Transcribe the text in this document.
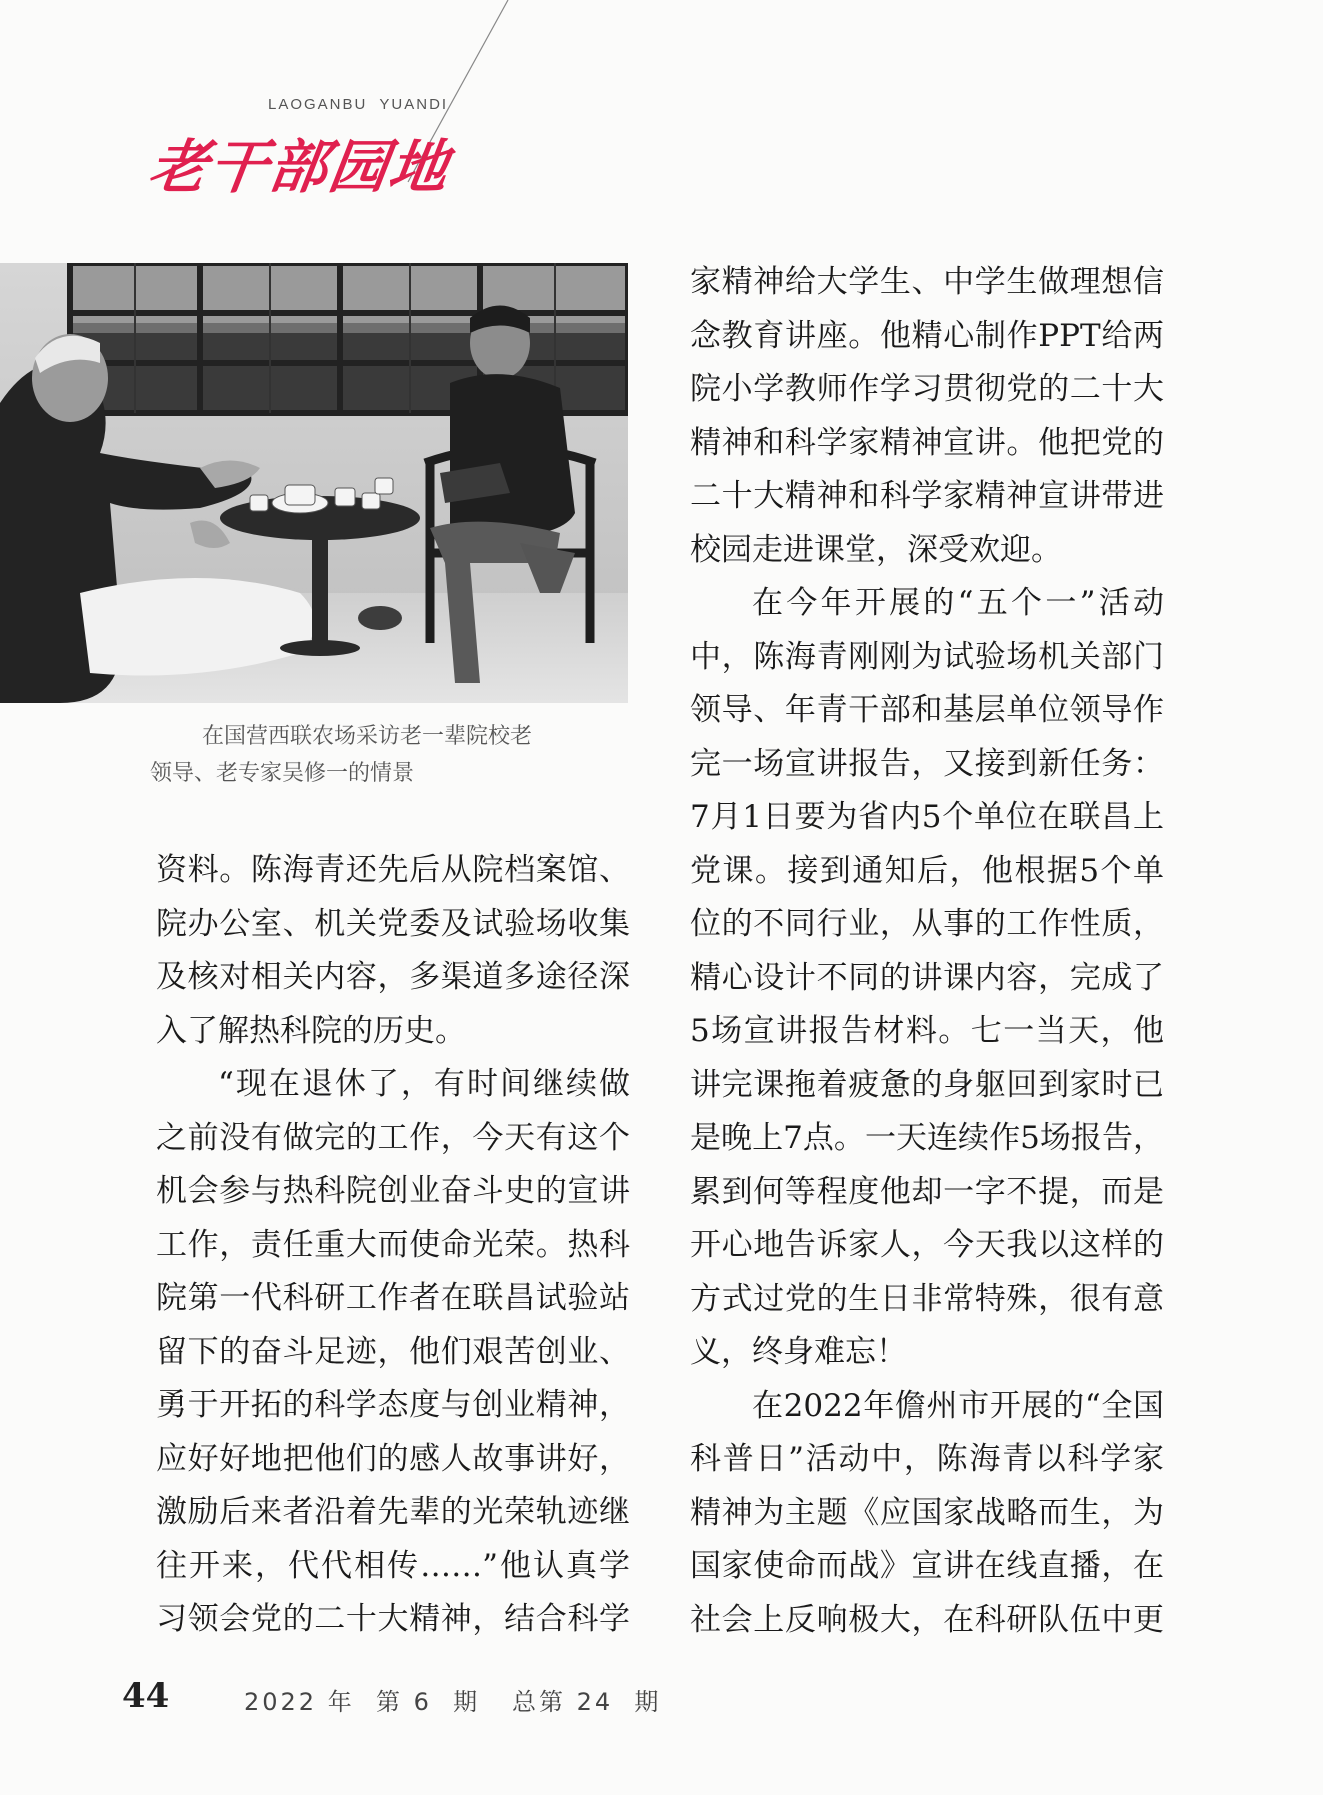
LAOGANBU  YUANDI
老干部园地
在国营西联农场采访老一辈院校老
领导、老专家吴修一的情景
资料。陈海青还先后从院档案馆、
院办公室、机关党委及试验场收集
及核对相关内容，多渠道多途径深
入了解热科院的历史。
“现在退休了，有时间继续做
之前没有做完的工作，今天有这个
机会参与热科院创业奋斗史的宣讲
工作，责任重大而使命光荣。热科
院第一代科研工作者在联昌试验站
留下的奋斗足迹，他们艰苦创业、
勇于开拓的科学态度与创业精神，
应好好地把他们的感人故事讲好，
激励后来者沿着先辈的光荣轨迹继
往开来，代代相传……”他认真学
习领会党的二十大精神，结合科学
家精神给大学生、中学生做理想信
念教育讲座。他精心制作PPT给两
院小学教师作学习贯彻党的二十大
精神和科学家精神宣讲。他把党的
二十大精神和科学家精神宣讲带进
校园走进课堂，深受欢迎。
在今年开展的“五个一”活动
中，陈海青刚刚为试验场机关部门
领导、年青干部和基层单位领导作
完一场宣讲报告，又接到新任务：
7月1日要为省内5个单位在联昌上
党课。接到通知后，他根据5个单
位的不同行业，从事的工作性质，
精心设计不同的讲课内容，完成了
5场宣讲报告材料。七一当天，他
讲完课拖着疲惫的身躯回到家时已
是晚上7点。一天连续作5场报告，
累到何等程度他却一字不提，而是
开心地告诉家人，今天我以这样的
方式过党的生日非常特殊，很有意
义，终身难忘！
在2022年儋州市开展的“全国
科普日”活动中，陈海青以科学家
精神为主题《应国家战略而生，为
国家使命而战》宣讲在线直播，在
社会上反响极大，在科研队伍中更
44	2022 年  第 6  期   总第 24  期
